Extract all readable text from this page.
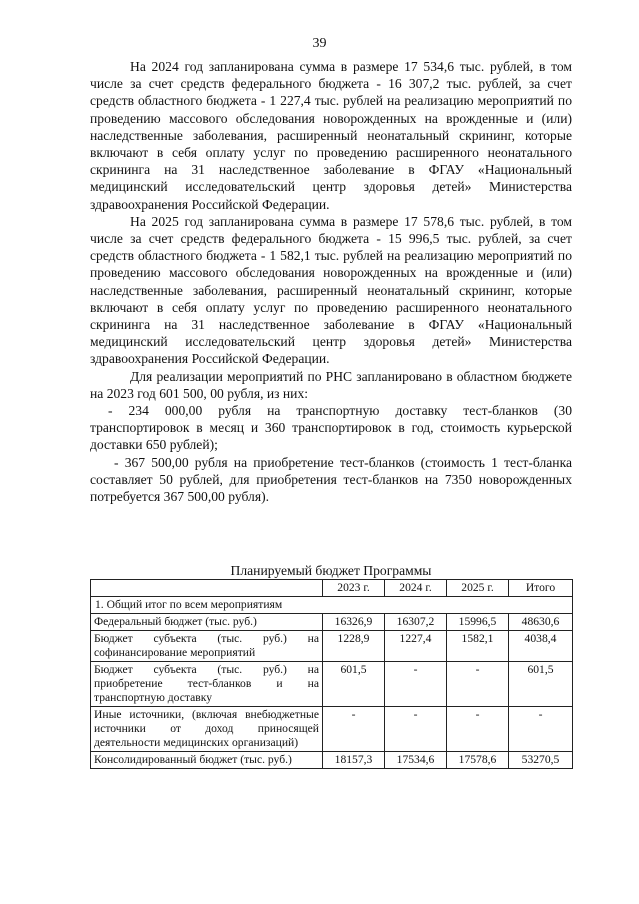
39

На 2024 год запланирована сумма в размере 17 534,6 тыс. рублей, в том числе за счет средств федерального бюджета - 16 307,2 тыс. рублей, за счет средств областного бюджета - 1 227,4 тыс. рублей на реализацию мероприятий по проведению массового обследования новорожденных на врожденные и (или) наследственные заболевания, расширенный неонатальный скрининг, которые включают в себя оплату услуг по проведению расширенного неонатального скрининга на 31 наследственное заболевание в ФГАУ «Национальный медицинский исследовательский центр здоровья детей» Министерства здравоохранения Российской Федерации.

На 2025 год запланирована сумма в размере 17 578,6 тыс. рублей, в том числе за счет средств федерального бюджета - 15 996,5 тыс. рублей, за счет средств областного бюджета - 1 582,1 тыс. рублей на реализацию мероприятий по проведению массового обследования новорожденных на врожденные и (или) наследственные заболевания, расширенный неонатальный скрининг, которые включают в себя оплату услуг по проведению расширенного неонатального скрининга на 31 наследственное заболевание в ФГАУ «Национальный медицинский исследовательский центр здоровья детей» Министерства здравоохранения Российской Федерации.

Для реализации мероприятий по РНС запланировано в областном бюджете на 2023 год 601 500, 00 рубля, из них:

- 234 000,00 рубля на транспортную доставку тест-бланков (30 транспортировок в месяц и 360 транспортировок в год, стоимость курьерской доставки 650 рублей);

- 367 500,00 рубля на приобретение тест-бланков (стоимость 1 тест-бланка составляет 50 рублей, для приобретения тест-бланков на 7350 новорожденных потребуется 367 500,00 рубля).

Планируемый бюджет Программы
	2023 г.	2024 г.	2025 г.	Итого
1. Общий итог по всем мероприятиям				
Федеральный бюджет (тыс. руб.)	16326,9	16307,2	15996,5	48630,6
Бюджет субъекта (тыс. руб.) на софинансирование мероприятий	1228,9	1227,4	1582,1	4038,4
Бюджет субъекта (тыс. руб.) на приобретение тест-бланков и на транспортную доставку	601,5	-	-	601,5
Иные источники, (включая внебюджетные источники от доход приносящей деятельности медицинских организаций)	-	-	-	-
Консолидированный бюджет (тыс. руб.)	18157,3	17534,6	17578,6	53270,5
